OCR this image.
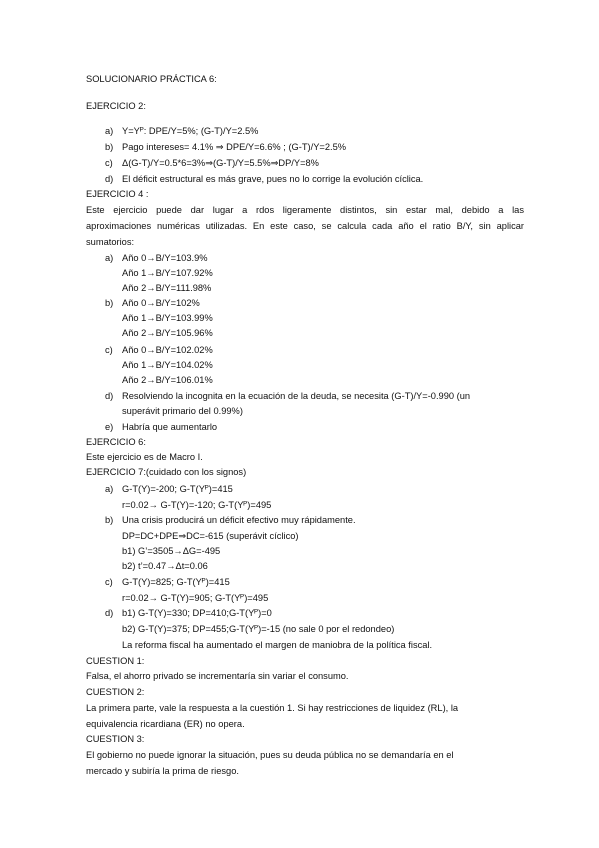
SOLUCIONARIO PRÁCTICA 6:
EJERCICIO 2:
a) Y=Yᴾ: DPE/Y=5%; (G-T)/Y=2.5%
b) Pago intereses= 4.1% ⇒ DPE/Y=6.6% ; (G-T)/Y=2.5%
c) Δ(G-T)/Y=0.5*6=3%⇒(G-T)/Y=5.5%⇒DP/Y=8%
d) El déficit estructural es más grave, pues no lo corrige la evolución cíclica.
EJERCICIO 4 :
Este ejercicio puede dar lugar a rdos ligeramente distintos, sin estar mal, debido a las
aproximaciones numéricas utilizadas. En este caso, se calcula cada año el ratio B/Y, sin aplicar
sumatorios:
a) Año 0→B/Y=103.9%
Año 1→B/Y=107.92%
Año 2→B/Y=111.98%
b) Año 0→B/Y=102%
Año 1→B/Y=103.99%
Año 2→B/Y=105.96%
c) Año 0→B/Y=102.02%
Año 1→B/Y=104.02%
Año 2→B/Y=106.01%
d) Resolviendo la incognita en la ecuación de la deuda, se necesita (G-T)/Y=-0.990 (un
superávit primario del 0.99%)
e) Habría que aumentarlo
EJERCICIO 6:
Este ejercicio es de Macro I.
EJERCICIO 7:(cuidado con los signos)
a) G-T(Y)=-200; G-T(Yᴾ)=415
r=0.02→ G-T(Y)=-120; G-T(Yᴾ)=495
b) Una crisis producirá un déficit efectivo muy rápidamente.
DP=DC+DPE⇒DC=-615 (superávit cíclico)
b1) G’=3505→ΔG=-495
b2) t’=0.47→Δt=0.06
c) G-T(Y)=825; G-T(Yᴾ)=415
r=0.02→ G-T(Y)=905; G-T(Yᴾ)=495
d) b1) G-T(Y)=330; DP=410;G-T(Yᴾ)=0
b2) G-T(Y)=375; DP=455;G-T(Yᴾ)=-15 (no sale 0 por el redondeo)
La reforma fiscal ha aumentado el margen de maniobra de la política fiscal.
CUESTION 1:
Falsa, el ahorro privado se incrementaría sin variar el consumo.
CUESTION 2:
La primera parte, vale la respuesta a la cuestión 1. Si hay restricciones de liquidez (RL), la
equivalencia ricardiana (ER) no opera.
CUESTION 3:
El gobierno no puede ignorar la situación, pues su deuda pública no se demandaría en el
mercado y subiría la prima de riesgo.
